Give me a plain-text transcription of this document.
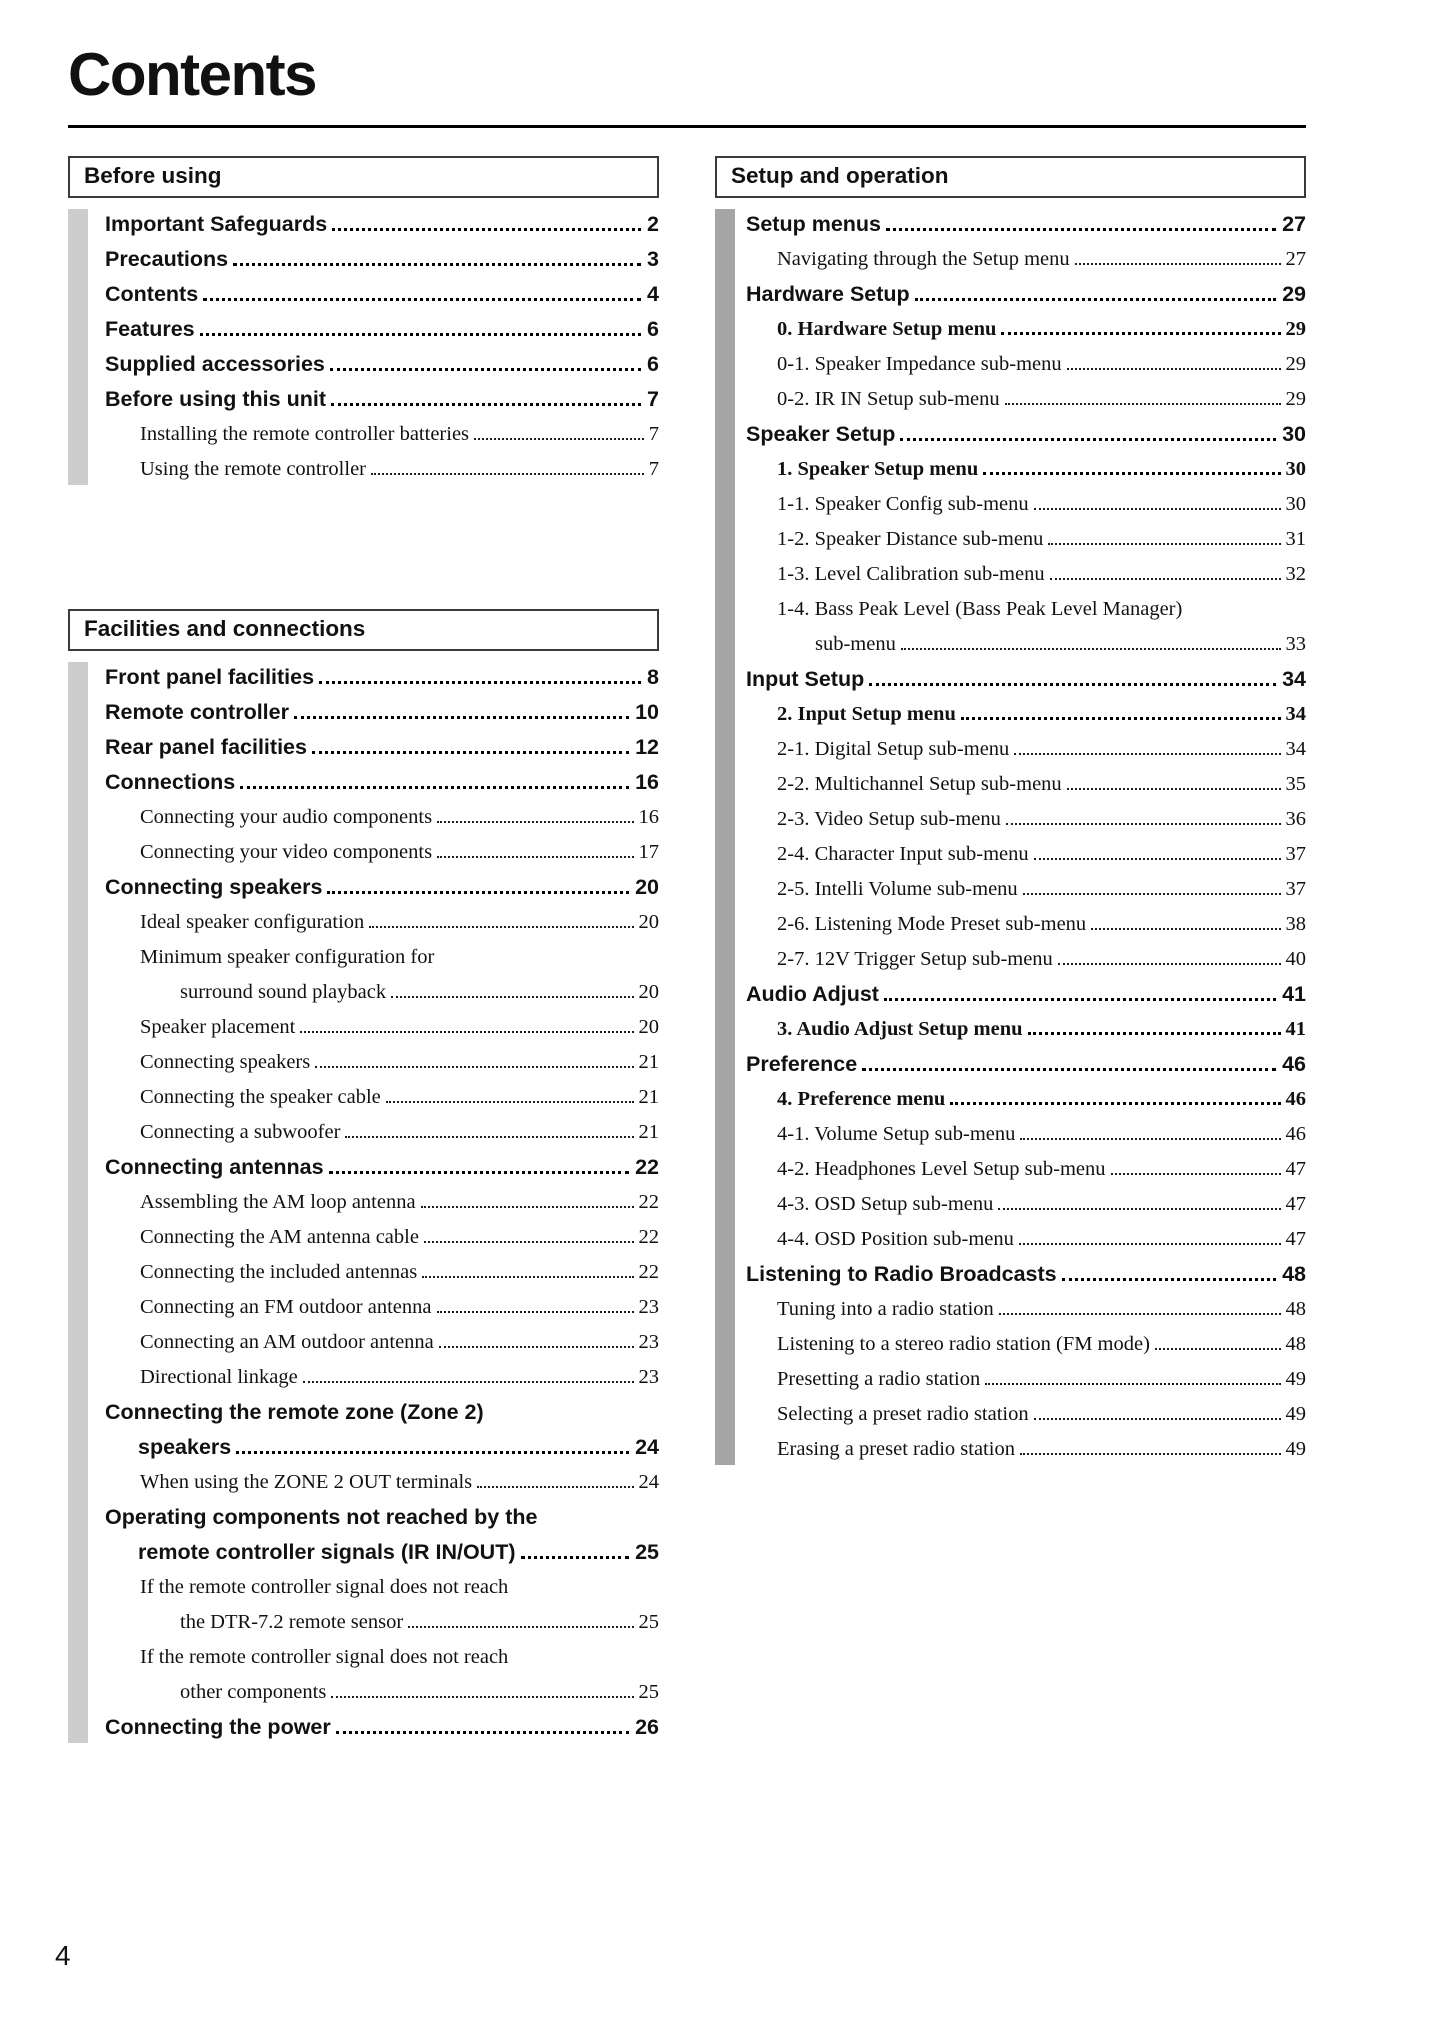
Contents
Before using
Important Safeguards	2
Precautions	3
Contents	4
Features	6
Supplied accessories	6
Before using this unit	7
Installing the remote controller batteries	7
Using the remote controller	7
Facilities and connections
Front panel facilities	8
Remote controller	10
Rear panel facilities	12
Connections	16
Connecting your audio components	16
Connecting your video components	17
Connecting speakers	20
Ideal speaker configuration	20
Minimum speaker configuration for
surround sound playback	20
Speaker placement	20
Connecting speakers	21
Connecting the speaker cable	21
Connecting a subwoofer	21
Connecting antennas	22
Assembling the AM loop antenna	22
Connecting the AM antenna cable	22
Connecting the included antennas	22
Connecting an FM outdoor antenna	23
Connecting an AM outdoor antenna	23
Directional linkage	23
Connecting the remote zone (Zone 2)
speakers	24
When using the ZONE 2 OUT terminals	24
Operating components not reached by the
remote controller signals (IR IN/OUT)	25
If the remote controller signal does not reach
the DTR-7.2 remote sensor	25
If the remote controller signal does not reach
other components	25
Connecting the power	26
Setup and operation
Setup menus	27
Navigating through the Setup menu	27
Hardware Setup	29
0. Hardware Setup menu	29
0-1. Speaker Impedance sub-menu	29
0-2. IR IN Setup sub-menu	29
Speaker Setup	30
1. Speaker Setup menu	30
1-1. Speaker Config sub-menu	30
1-2. Speaker Distance sub-menu	31
1-3. Level Calibration sub-menu	32
1-4. Bass Peak Level (Bass Peak Level Manager)
sub-menu	33
Input Setup	34
2. Input Setup menu	34
2-1. Digital Setup sub-menu	34
2-2. Multichannel Setup sub-menu	35
2-3. Video Setup sub-menu	36
2-4. Character Input sub-menu	37
2-5. Intelli Volume sub-menu	37
2-6. Listening Mode Preset sub-menu	38
2-7. 12V Trigger Setup sub-menu	40
Audio Adjust	41
3. Audio Adjust Setup menu	41
Preference	46
4. Preference menu	46
4-1. Volume Setup sub-menu	46
4-2. Headphones Level Setup sub-menu	47
4-3. OSD Setup sub-menu	47
4-4. OSD Position sub-menu	47
Listening to Radio Broadcasts	48
Tuning into a radio station	48
Listening to a stereo radio station (FM mode)	48
Presetting a radio station	49
Selecting a preset radio station	49
Erasing a preset radio station	49
4
